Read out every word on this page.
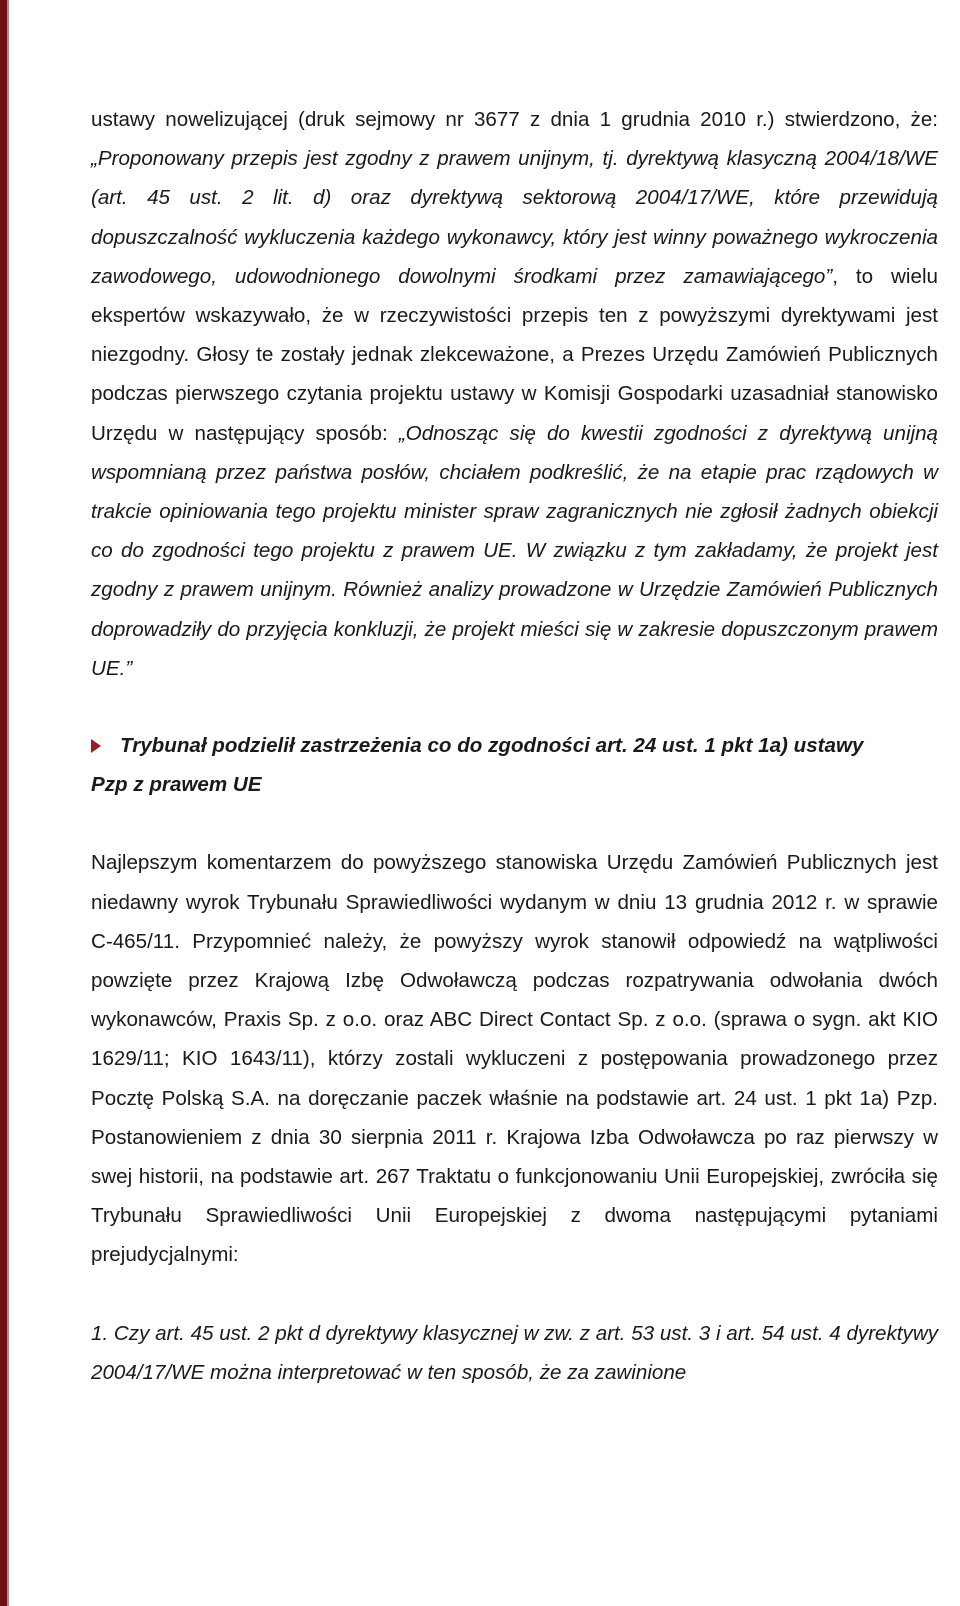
ustawy nowelizującej (druk sejmowy nr 3677 z dnia 1 grudnia 2010 r.) stwierdzono, że: „Proponowany przepis jest zgodny z prawem unijnym, tj. dyrektywą klasyczną 2004/18/WE (art. 45 ust. 2 lit. d) oraz dyrektywą sektorową 2004/17/WE, które przewidują dopuszczalność wykluczenia każdego wykonawcy, który jest winny poważnego wykroczenia zawodowego, udowodnionego dowolnymi środkami przez zamawiającego”, to wielu ekspertów wskazywało, że w rzeczywistości przepis ten z powyższymi dyrektywami jest niezgodny. Głosy te zostały jednak zlekceważone, a Prezes Urzędu Zamówień Publicznych podczas pierwszego czytania projektu ustawy w Komisji Gospodarki uzasadniał stanowisko Urzędu w następujący sposób: „Odnosząc się do kwestii zgodności z dyrektywą unijną wspomnianą przez państwa posłów, chciałem podkreślić, że na etapie prac rządowych w trakcie opiniowania tego projektu minister spraw zagranicznych nie zgłosił żadnych obiekcji co do zgodności tego projektu z prawem UE. W związku z tym zakładamy, że projekt jest zgodny z prawem unijnym. Również analizy prowadzone w Urzędzie Zamówień Publicznych doprowadziły do przyjęcia konkluzji, że projekt mieści się w zakresie dopuszczonym prawem UE.”

Trybunał podzielił zastrzeżenia co do zgodności art. 24 ust. 1 pkt 1a) ustawy
Pzp z prawem UE

Najlepszym komentarzem do powyższego stanowiska Urzędu Zamówień Publicznych jest niedawny wyrok Trybunału Sprawiedliwości wydanym w dniu 13 grudnia 2012 r. w sprawie C-465/11. Przypomnieć należy, że powyższy wyrok stanowił odpowiedź na wątpliwości powzięte przez Krajową Izbę Odwoławczą podczas rozpatrywania odwołania dwóch wykonawców, Praxis Sp. z o.o. oraz ABC Direct Contact Sp. z o.o. (sprawa o sygn. akt KIO 1629/11; KIO 1643/11), którzy zostali wykluczeni z postępowania prowadzonego przez Pocztę Polską S.A. na doręczanie paczek właśnie na podstawie art. 24 ust. 1 pkt 1a) Pzp. Postanowieniem z dnia 30 sierpnia 2011 r. Krajowa Izba Odwoławcza po raz pierwszy w swej historii, na podstawie art. 267 Traktatu o funkcjonowaniu Unii Europejskiej, zwróciła się Trybunału Sprawiedliwości Unii Europejskiej z dwoma następującymi pytaniami prejudycjalnymi:

1. Czy art. 45 ust. 2 pkt d dyrektywy klasycznej w zw. z art. 53 ust. 3 i art. 54 ust. 4 dyrektywy 2004/17/WE można interpretować w ten sposób, że za zawinione
